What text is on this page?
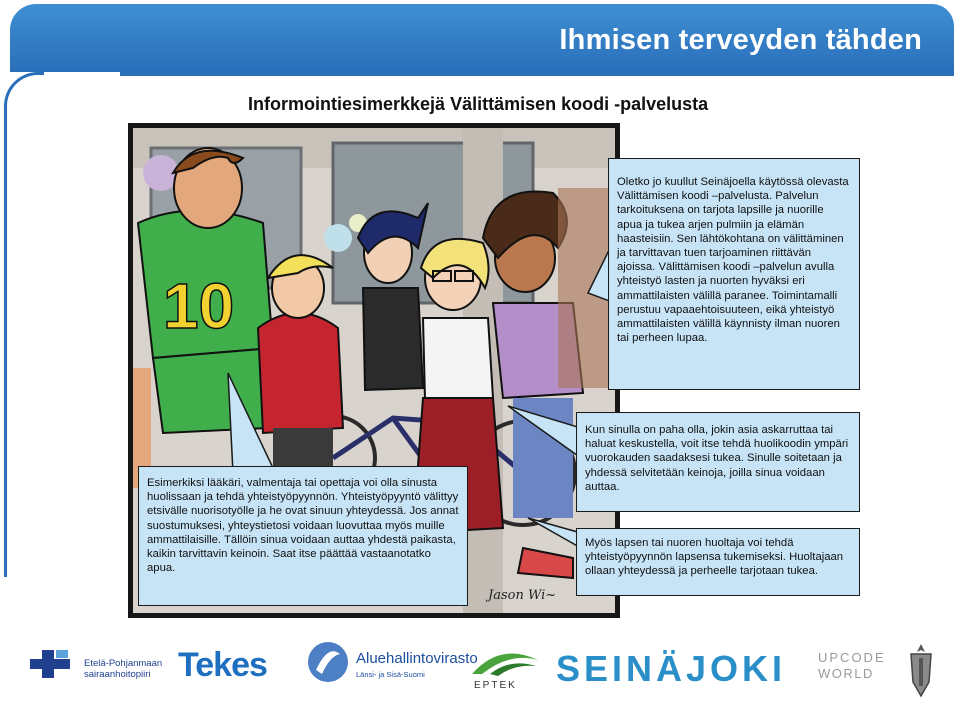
Ihmisen terveyden tähden
Informointiesimerkkejä Välittämisen koodi -palvelusta
10
Jason Wi~
Oletko jo kuullut Seinäjoella käytössä olevasta Välittämisen koodi –palvelusta. Palvelun tarkoituksena on tarjota lapsille ja nuorille apua ja tukea arjen pulmiin ja elämän haasteisiin. Sen lähtökohtana on välittäminen ja tarvittavan tuen tarjoaminen riittävän ajoissa. Välittämisen koodi –palvelun avulla yhteistyö lasten ja nuorten hyväksi eri ammattilaisten välillä paranee. Toimintamalli perustuu vapaaehtoisuuteen, eikä yhteistyö ammattilaisten välillä käynnisty ilman nuoren tai perheen lupaa.
Kun sinulla on paha olla, jokin asia askarruttaa tai haluat keskustella, voit itse tehdä huolikoodin ympäri vuorokauden saadaksesi tukea. Sinulle soitetaan ja yhdessä selvitetään keinoja, joilla sinua voidaan auttaa.
Esimerkiksi lääkäri, valmentaja tai opettaja voi olla sinusta huolissaan ja tehdä yhteistyöpyynnön. Yhteistyöpyyntö välittyy etsivälle nuorisotyölle ja he ovat sinuun yhteydessä. Jos annat suostumuksesi, yhteystietosi voidaan luovuttaa myös muille ammattilaisille. Tällöin sinua voidaan auttaa yhdestä paikasta, kaikin tarvittavin keinoin. Saat itse päättää vastaanotatko apua.
Myös lapsen tai nuoren huoltaja voi tehdä yhteistyöpyynnön lapsensa tukemiseksi. Huoltajaan ollaan yhteydessä ja perheelle tarjotaan tukea.
Etelä-Pohjanmaan
sairaanhoitopiiri Tekes	Aluehallintovirasto
Länsi- ja Sisä-Suomi
EPTEK SEINÄJOKI UPCODE
WORLD
